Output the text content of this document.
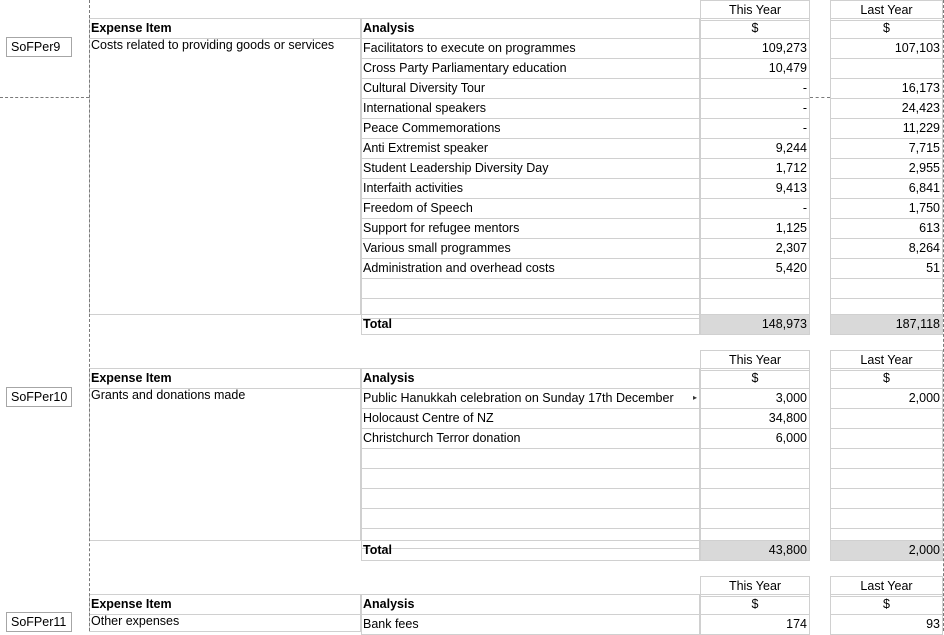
This Year	Last Year
Expense Item	Analysis	$	$
Costs related to providing goods or services
SoFPer9	Facilitators to execute on programmes	109,273	107,103
Cross Party Parliamentary education	10,479
Cultural Diversity Tour	-	16,173
International speakers	-	24,423
Peace Commemorations	-	11,229
Anti Extremist speaker	9,244	7,715
Student Leadership Diversity Day	1,712	2,955
Interfaith activities	9,413	6,841
Freedom of Speech	-	1,750
Support for refugee mentors	1,125	613
Various small programmes	2,307	8,264
Administration and overhead costs	5,420	51
Total	148,973	187,118
This Year	Last Year
Expense Item	Analysis	$	$
Grants and donations made
SoFPer10	Public Hanukkah celebration on Sunday 17th December	3,000	2,000
Holocaust Centre of NZ	34,800
Christchurch Terror donation	6,000
Total	43,800	2,000
This Year	Last Year
Expense Item	Analysis	$	$
Other expenses
SoFPer11	Bank fees	174	93
▸
